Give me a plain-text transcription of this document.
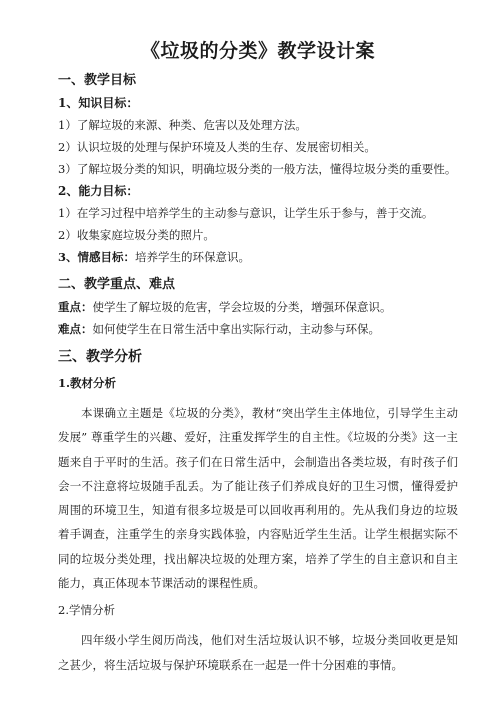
《垃圾的分类》教学设计案
一、教学目标
1、知识目标：
1）了解垃圾的来源、种类、危害以及处理方法。
2）认识垃圾的处理与保护环境及人类的生存、发展密切相关。
3）了解垃圾分类的知识，明确垃圾分类的一般方法，懂得垃圾分类的重要性。
2、能力目标：
1）在学习过程中培养学生的主动参与意识，让学生乐于参与，善于交流。
2）收集家庭垃圾分类的照片。
3、情感目标：培养学生的环保意识。
二、教学重点、难点
重点：使学生了解垃圾的危害，学会垃圾的分类，增强环保意识。
难点：如何使学生在日常生活中拿出实际行动，主动参与环保。
三、教学分析
1.教材分析

本课确立主题是《垃圾的分类》，教材“突出学生主体地位，引导学生主动发展” 尊重学生的兴趣、爱好，注重发挥学生的自主性。《垃圾的分类》这一主题来自于平时的生活。孩子们在日常生活中，会制造出各类垃圾，有时孩子们会一不注意将垃圾随手乱丢。为了能让孩子们养成良好的卫生习惯，懂得爱护周围的环境卫生，知道有很多垃圾是可以回收再利用的。先从我们身边的垃圾着手调查，注重学生的亲身实践体验，内容贴近学生生活。让学生根据实际不同的垃圾分类处理，找出解决垃圾的处理方案，培养了学生的自主意识和自主能力，真正体现本节课活动的课程性质。

2.学情分析

四年级小学生阅历尚浅，他们对生活垃圾认识不够，垃圾分类回收更是知之甚少，将生活垃圾与保护环境联系在一起是一件十分困难的事情。
